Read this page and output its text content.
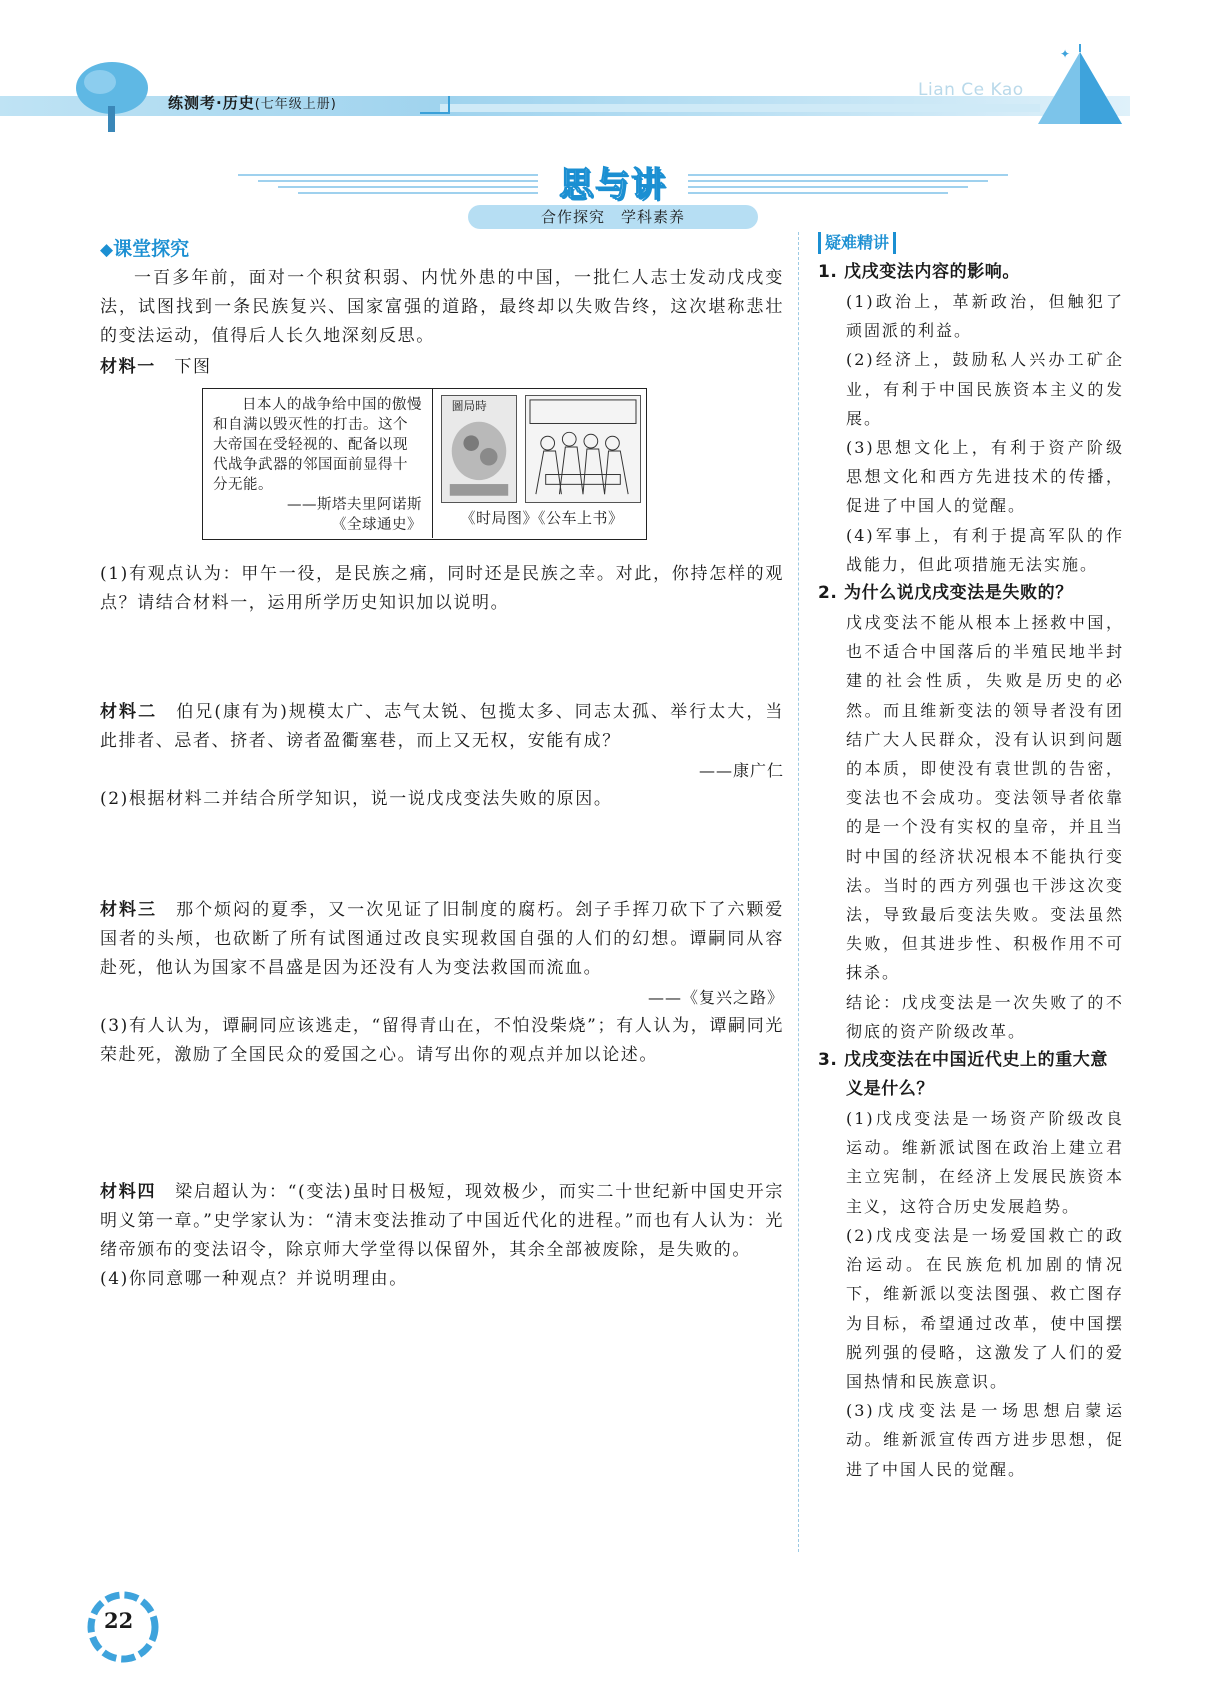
练测考·历史(七年级上册)
Lian Ce Kao
✦
思与讲
合作探究　学科素养
◆课堂探究

一百多年前，面对一个积贫积弱、内忧外患的中国，一批仁人志士发动戊戌变法，试图找到一条民族复兴、国家富强的道路，最终却以失败告终，这次堪称悲壮的变法运动，值得后人长久地深刻反思。

材料一　 下图

日本人的战争给中国的傲慢和自满以毁灭性的打击。这个大帝国在受轻视的、配备以现代战争武器的邻国面前显得十分无能。
——斯塔夫里阿诺斯
《全球通史》
圖局時
《时局图》《公车上书》

(1)有观点认为：甲午一役，是民族之痛，同时还是民族之幸。对此，你持怎样的观点？请结合材料一，运用所学历史知识加以说明。

材料二　 伯兄(康有为)规模太广、志气太锐、包揽太多、同志太孤、举行太大，当此排者、忌者、挤者、谤者盈衢塞巷，而上又无权，安能有成？

——康广仁

(2)根据材料二并结合所学知识，说一说戊戌变法失败的原因。

材料三　 那个烦闷的夏季，又一次见证了旧制度的腐朽。刽子手挥刀砍下了六颗爱国者的头颅，也砍断了所有试图通过改良实现救国自强的人们的幻想。谭嗣同从容赴死，他认为国家不昌盛是因为还没有人为变法救国而流血。

——《复兴之路》

(3)有人认为，谭嗣同应该逃走，“留得青山在，不怕没柴烧”；有人认为，谭嗣同光荣赴死，激励了全国民众的爱国之心。请写出你的观点并加以论述。

材料四　 梁启超认为：“(变法)虽时日极短，现效极少，而实二十世纪新中国史开宗明义第一章。”史学家认为：“清末变法推动了中国近代化的进程。”而也有人认为：光绪帝颁布的变法诏令，除京师大学堂得以保留外，其余全部被废除，是失败的。

(4)你同意哪一种观点？并说明理由。

疑难精讲
1. 戊戌变法内容的影响。
(1)政治上，革新政治，但触犯了顽固派的利益。
(2)经济上，鼓励私人兴办工矿企业，有利于中国民族资本主义的发展。
(3)思想文化上，有利于资产阶级思想文化和西方先进技术的传播，促进了中国人的觉醒。
(4)军事上，有利于提高军队的作战能力，但此项措施无法实施。
2. 为什么说戊戌变法是失败的？
戊戌变法不能从根本上拯救中国，也不适合中国落后的半殖民地半封建的社会性质，失败是历史的必然。而且维新变法的领导者没有团结广大人民群众，没有认识到问题的本质，即使没有袁世凯的告密，变法也不会成功。变法领导者依靠的是一个没有实权的皇帝，并且当时中国的经济状况根本不能执行变法。当时的西方列强也干涉这次变法，导致最后变法失败。变法虽然失败，但其进步性、积极作用不可抹杀。
结论：戊戌变法是一次失败了的不彻底的资产阶级改革。
3. 戊戌变法在中国近代史上的重大意义是什么？
(1)戊戌变法是一场资产阶级改良运动。维新派试图在政治上建立君主立宪制，在经济上发展民族资本主义，这符合历史发展趋势。
(2)戊戌变法是一场爱国救亡的政治运动。在民族危机加剧的情况下，维新派以变法图强、救亡图存为目标，希望通过改革，使中国摆脱列强的侵略，这激发了人们的爱国热情和民族意识。
(3)戊戌变法是一场思想启蒙运动。维新派宣传西方进步思想，促进了中国人民的觉醒。
22
